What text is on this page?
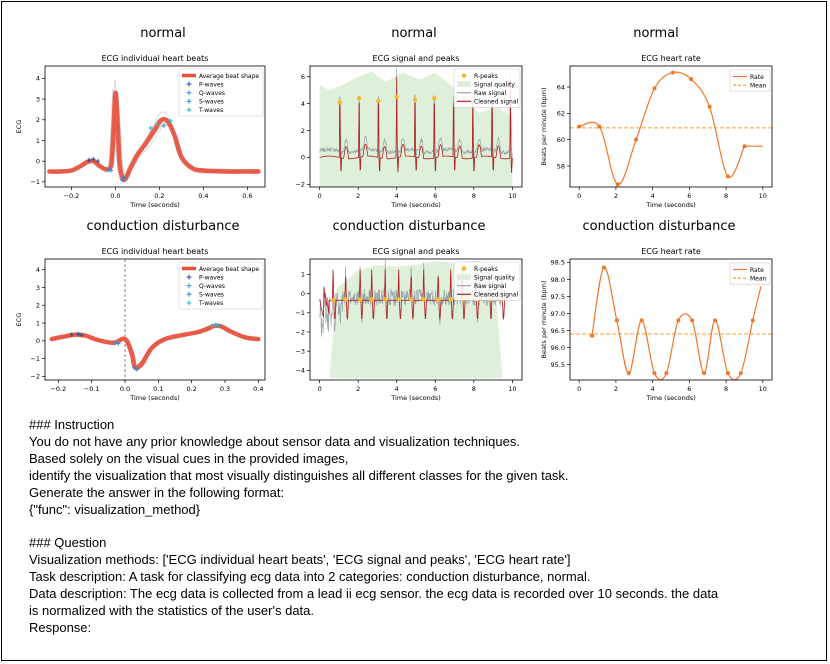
normal	normal	normal
conduction disturbance	conduction disturbance	conduction disturbance
ECG individual heart beats
Time (seconds)
ECG
−0.2	0.0	0.2	0.4	0.6
−1
0
1
2
3
4	Average beat shape
P-waves
Q-waves
S-waves
T-waves
ECG signal and peaks
Time (seconds)
0	2	4	6	8	10
−2
0
2
4
6	R-peaks
Signal quality
Raw signal
Cleaned signal
ECG heart rate
Time (seconds)
Beats per minute (bpm)
0	2	4	6	8	10
58
60
62
64
Rate
Mean
ECG individual heart beats
Time (seconds)
ECG
−0.2	−0.1	0.0	0.1	0.2	0.3	0.4
−2
−1
0
1
2
3
4	Average beat shape
P-waves
Q-waves
S-waves
T-waves
ECG signal and peaks
Time (seconds)
0	2	4	6	8	10
−4
−3
−2
−1
0
1
R-peaks
Signal quality
Raw signal
Cleaned signal
ECG heart rate
Time (seconds)
Beats per minute (bpm)
0	2	4	6	8	10
95.5
96.0
96.5
97.0
97.5
98.0
98.5
Rate
Mean

### Instruction

You do not have any prior knowledge about sensor data and visualization techniques.

Based solely on the visual cues in the provided images,

identify the visualization that most visually distinguishes all different classes for the given task.

Generate the answer in the following format:

{"func": visualization_method}

### Question

Visualization methods: ['ECG individual heart beats', 'ECG signal and peaks', 'ECG heart rate']

Task description: A task for classifying ecg data into 2 categories: conduction disturbance, normal.

Data description: The ecg data is collected from a lead ii ecg sensor. the ecg data is recorded over 10 seconds. the data

is normalized with the statistics of the user's data.

Response:
